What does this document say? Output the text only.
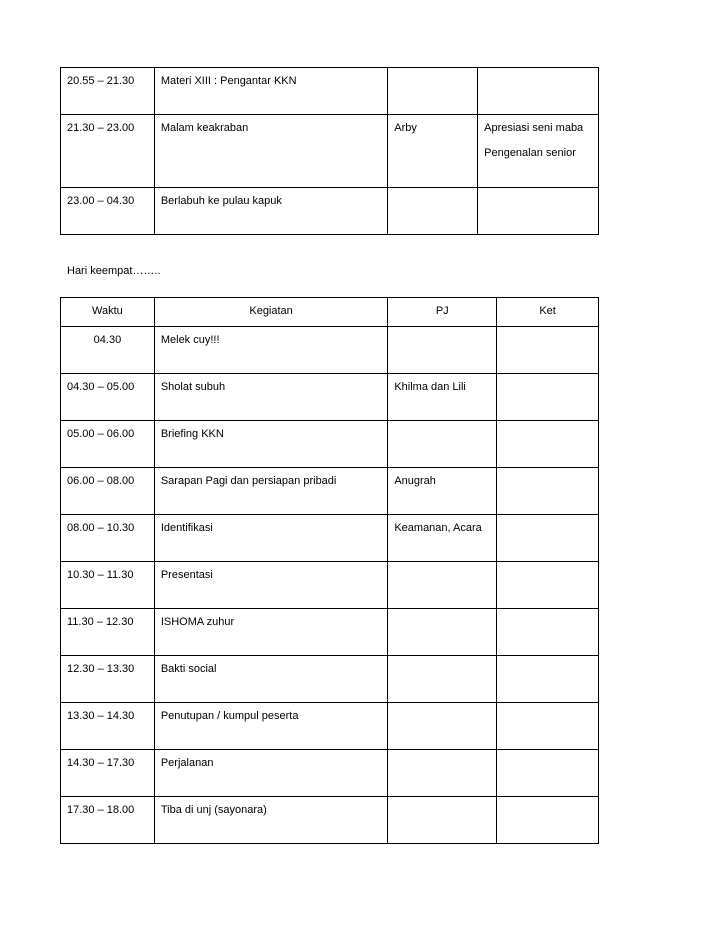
20.55 – 21.30	Materi XIII : Pengantar KKN		
21.30 – 23.00	Malam keakraban	Arby	Apresiasi seni maba
Pengenalan senior

23.00 – 04.30	Berlabuh ke pulau kapuk		
Hari keempat……..
Waktu	Kegiatan	PJ	Ket
04.30	Melek cuy!!!		
04.30 – 05.00	Sholat subuh	Khilma dan Lili	
05.00 – 06.00	Briefing KKN		
06.00 – 08.00	Sarapan Pagi dan persiapan pribadi	Anugrah	
08.00 – 10.30	Identifikasi	Keamanan, Acara	
10.30 – 11.30	Presentasi		
11.30 – 12.30	ISHOMA zuhur		
12.30 – 13.30	Bakti social		
13.30 – 14.30	Penutupan / kumpul peserta		
14.30 – 17.30	Perjalanan		
17.30 – 18.00	Tiba di unj (sayonara)		
